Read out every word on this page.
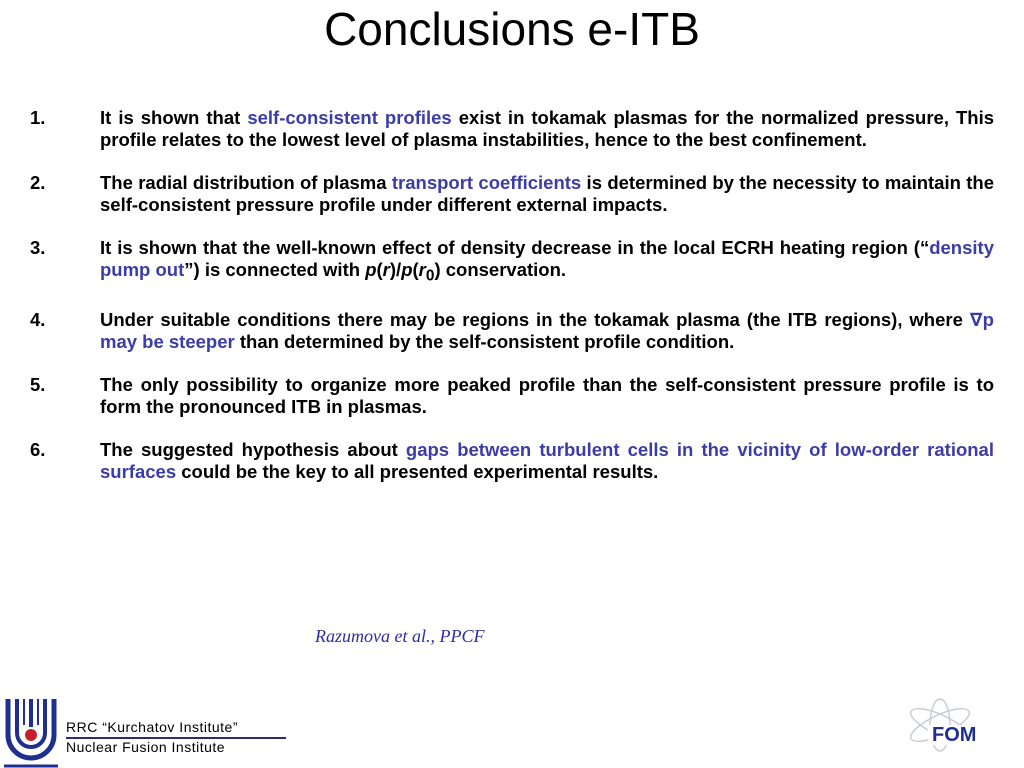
Conclusions e-ITB
1.	It is shown that self-consistent profiles exist in tokamak plasmas for the normalized pressure, This profile relates to the lowest level of plasma instabilities, hence to the best confinement.
2.	The radial distribution of plasma transport coefficients is determined by the necessity to maintain the self-consistent pressure profile under different external impacts.
3.	It is shown that the well-known effect of density decrease in the local ECRH heating region (“density pump out”) is connected with $p(r)/p(r_0)$ conservation.
4.	Under suitable conditions there may be regions in the tokamak plasma (the ITB regions), where ∇p may be steeper than determined by the self-consistent profile condition.
5.	The only possibility to organize more peaked profile than the self-consistent pressure profile is to form the pronounced ITB in plasmas.
6.	The suggested hypothesis about gaps between turbulent cells in the vicinity of low-order rational surfaces could be the key to all presented experimental results.
Razumova et al., PPCF
RRC “Kurchatov Institute”
Nuclear Fusion Institute
FOM
